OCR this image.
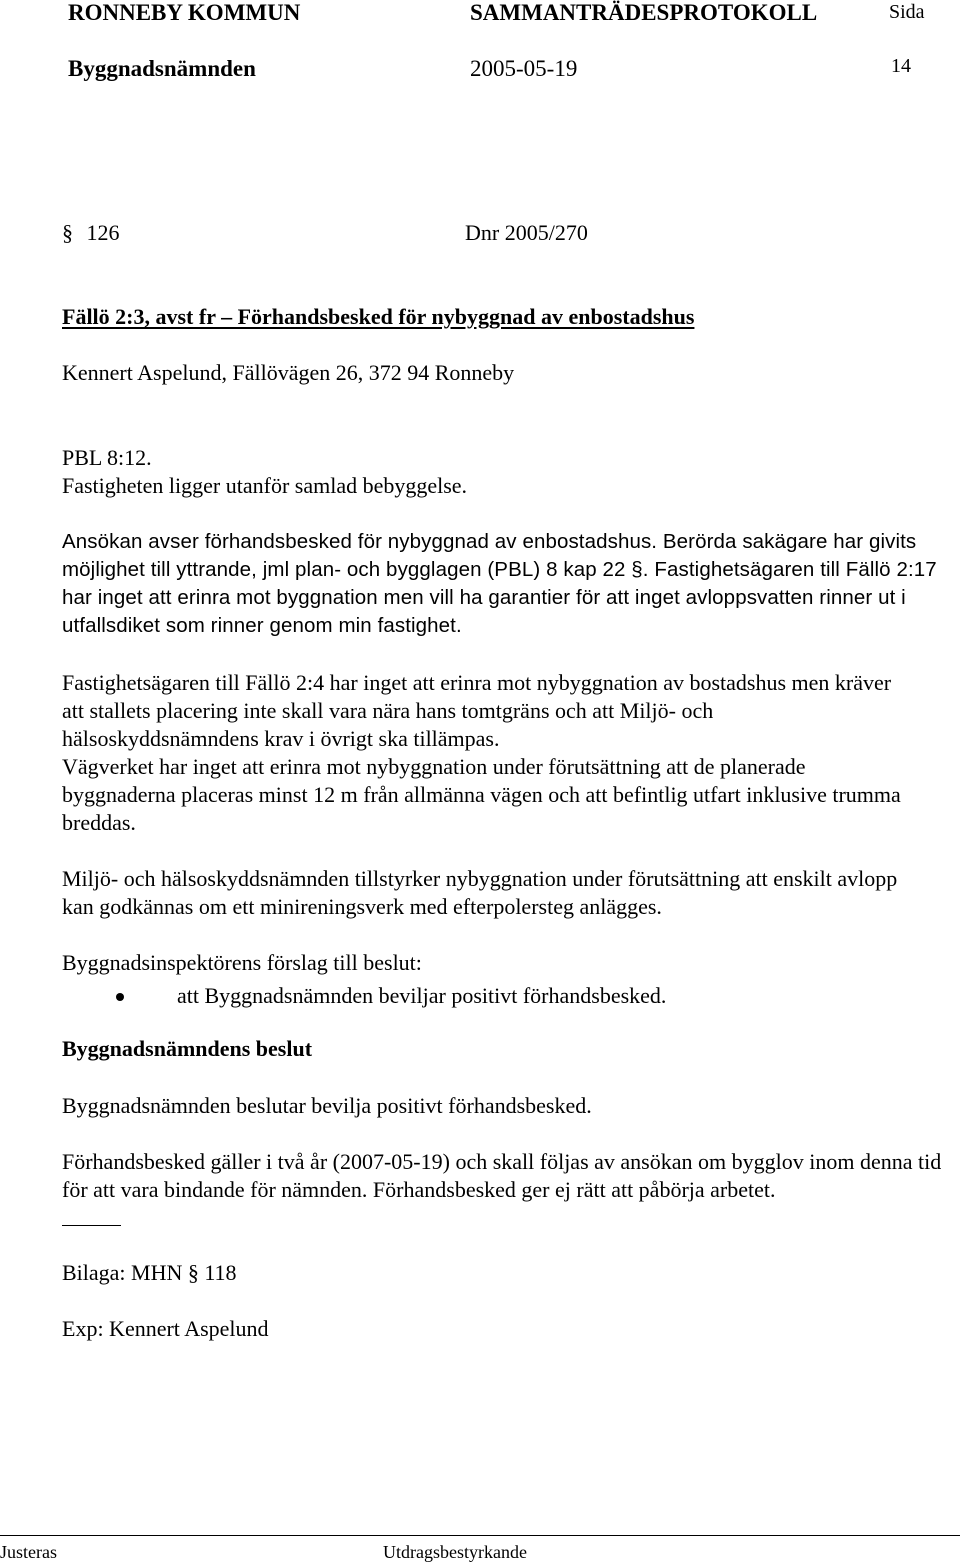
RONNEBY KOMMUN	SAMMANTRÄDESPROTOKOLL	Sida
Byggnadsnämnden	2005-05-19	14
§ 126	Dnr 2005/270
Fällö 2:3, avst fr – Förhandsbesked för nybyggnad av enbostadshus
Kennert Aspelund, Fällövägen 26, 372 94 Ronneby
PBL 8:12.
Fastigheten ligger utanför samlad bebyggelse.
Ansökan avser förhandsbesked för nybyggnad av enbostadshus. Berörda sakägare har givits möjlighet till yttrande, jml plan- och bygglagen (PBL) 8 kap 22 §. Fastighetsägaren till Fällö 2:17 har inget att erinra mot byggnation men vill ha garantier för att inget avloppsvatten rinner ut i utfallsdiket som rinner genom min fastighet.
Fastighetsägaren till Fällö 2:4 har inget att erinra mot nybyggnation av bostadshus men kräver att stallets placering inte skall vara nära hans tomtgräns och att Miljö- och hälsoskyddsnämndens krav i övrigt ska tillämpas.
Vägverket har inget att erinra mot nybyggnation under förutsättning att de planerade byggnaderna placeras minst 12 m från allmänna vägen och att befintlig utfart inklusive trumma breddas.
Miljö- och hälsoskyddsnämnden tillstyrker nybyggnation under förutsättning att enskilt avlopp kan godkännas om ett minireningsverk med efterpolersteg anlägges.
Byggnadsinspektörens förslag till beslut:
att Byggnadsnämnden beviljar positivt förhandsbesked.
Byggnadsnämndens beslut
Byggnadsnämnden beslutar bevilja positivt förhandsbesked.
Förhandsbesked gäller i två år (2007-05-19) och skall följas av ansökan om bygglov inom denna tid för att vara bindande för nämnden. Förhandsbesked ger ej rätt att påbörja arbetet.
Bilaga: MHN § 118
Exp: Kennert Aspelund
Justeras	Utdragsbestyrkande
